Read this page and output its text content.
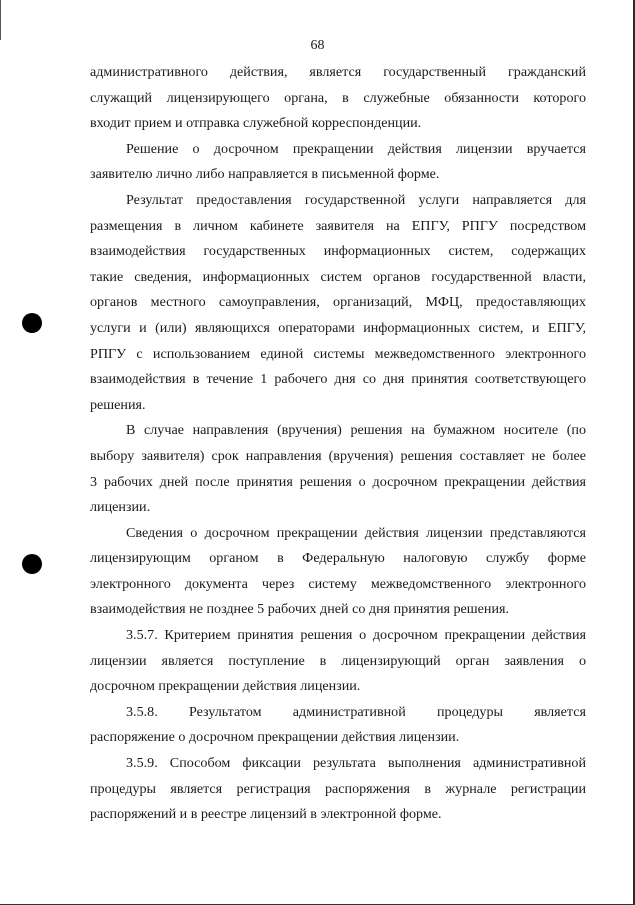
68
административного действия, является государственный гражданский
служащий лицензирующего органа, в служебные обязанности которого
входит прием и отправка служебной корреспонденции.
Решение о досрочном прекращении действия лицензии вручается
заявителю лично либо направляется в письменной форме.
Результат предоставления государственной услуги направляется для
размещения в личном кабинете заявителя на ЕПГУ, РПГУ посредством
взаимодействия государственных информационных систем, содержащих
такие сведения, информационных систем органов государственной власти,
органов местного самоуправления, организаций, МФЦ, предоставляющих
услуги и (или) являющихся операторами информационных систем, и ЕПГУ,
РПГУ с использованием единой системы межведомственного электронного
взаимодействия в течение 1 рабочего дня со дня принятия соответствующего
решения.
В случае направления (вручения) решения на бумажном носителе (по
выбору заявителя) срок направления (вручения) решения составляет не более
3 рабочих дней после принятия решения о досрочном прекращении действия
лицензии.
Сведения о досрочном прекращении действия лицензии представляются
лицензирующим органом в Федеральную налоговую службу форме
электронного документа через систему межведомственного электронного
взаимодействия не позднее 5 рабочих дней со дня принятия решения.
3.5.7. Критерием принятия решения о досрочном прекращении действия
лицензии является поступление в лицензирующий орган заявления о
досрочном прекращении действия лицензии.
3.5.8. Результатом административной процедуры является
распоряжение о досрочном прекращении действия лицензии.
3.5.9. Способом фиксации результата выполнения административной
процедуры является регистрация распоряжения в журнале регистрации
распоряжений и в реестре лицензий в электронной форме.
